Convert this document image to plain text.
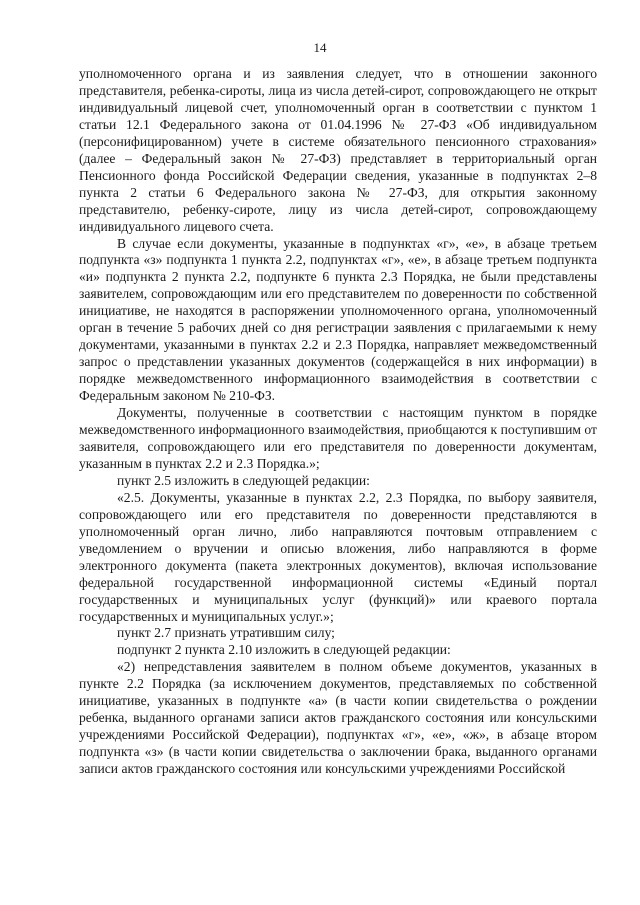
14

уполномоченного органа и из заявления следует, что в отношении законного представителя, ребенка-сироты, лица из числа детей-сирот, сопровождающего не открыт индивидуальный лицевой счет, уполномоченный орган в соответствии с пунктом 1 статьи 12.1 Федерального закона от 01.04.1996 № 27-ФЗ «Об индивидуальном (персонифицированном) учете в системе обязательного пенсионного страхования» (далее – Федеральный закон № 27-ФЗ) представляет в территориальный орган Пенсионного фонда Российской Федерации сведения, указанные в подпунктах 2–8 пункта 2 статьи 6 Федерального закона № 27-ФЗ, для открытия законному представителю, ребенку-сироте, лицу из числа детей-сирот, сопровождающему индивидуального лицевого счета.

В случае если документы, указанные в подпунктах «г», «е», в абзаце третьем подпункта «з» подпункта 1 пункта 2.2, подпунктах «г», «е», в абзаце третьем подпункта «и» подпункта 2 пункта 2.2, подпункте 6 пункта 2.3 Порядка, не были представлены заявителем, сопровождающим или его представителем по доверенности по собственной инициативе, не находятся в распоряжении уполномоченного органа, уполномоченный орган в течение 5 рабочих дней со дня регистрации заявления с прилагаемыми к нему документами, указанными в пунктах 2.2 и 2.3 Порядка, направляет межведомственный запрос о представлении указанных документов (содержащейся в них информации) в порядке межведомственного информационного взаимодействия в соответствии с Федеральным законом № 210-ФЗ.

Документы, полученные в соответствии с настоящим пунктом в порядке межведомственного информационного взаимодействия, приобщаются к поступившим от заявителя, сопровождающего или его представителя по доверенности документам, указанным в пунктах 2.2 и 2.3 Порядка.»;

пункт 2.5 изложить в следующей редакции:

«2.5. Документы, указанные в пунктах 2.2, 2.3 Порядка, по выбору заявителя, сопровождающего или его представителя по доверенности представляются в уполномоченный орган лично, либо направляются почтовым отправлением с уведомлением о вручении и описью вложения, либо направляются в форме электронного документа (пакета электронных документов), включая использование федеральной государственной информационной системы «Единый портал государственных и муниципальных услуг (функций)» или краевого портала государственных и муниципальных услуг.»;

пункт 2.7 признать утратившим силу;

подпункт 2 пункта 2.10 изложить в следующей редакции:

«2) непредставления заявителем в полном объеме документов, указанных в пункте 2.2 Порядка (за исключением документов, представляемых по собственной инициативе, указанных в подпункте «а» (в части копии свидетельства о рождении ребенка, выданного органами записи актов гражданского состояния или консульскими учреждениями Российской Федерации), подпунктах «г», «е», «ж», в абзаце втором подпункта «з» (в части копии свидетельства о заключении брака, выданного органами записи актов гражданского состояния или консульскими учреждениями Российской
